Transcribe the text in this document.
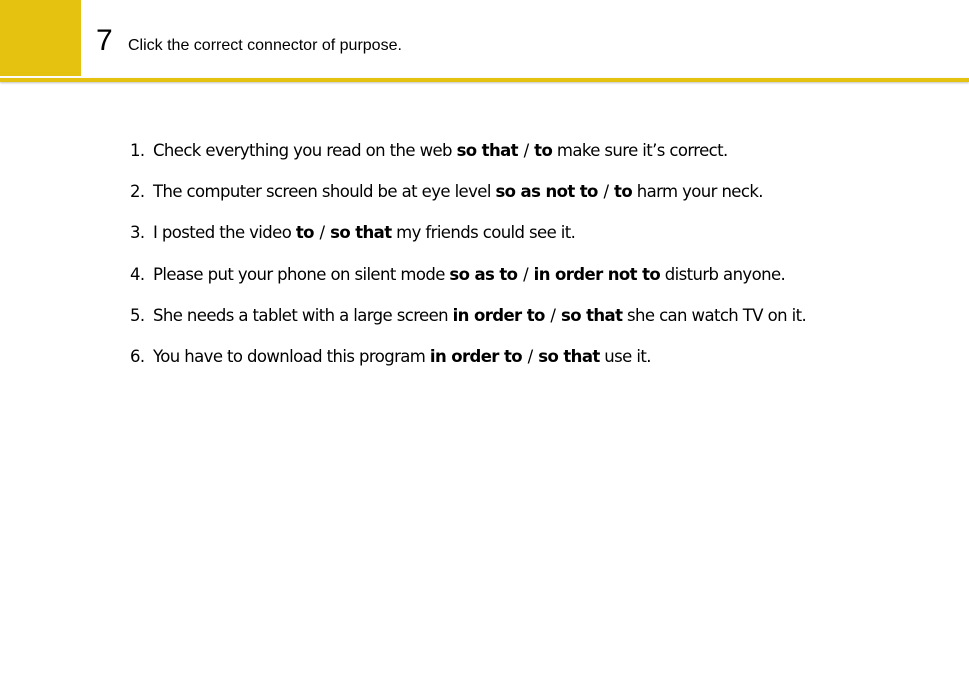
7 Click the correct connector of purpose.
1. Check everything you read on the web so that / to make sure it’s correct.
2. The computer screen should be at eye level so as not to / to harm your neck.
3. I posted the video to / so that my friends could see it.
4. Please put your phone on silent mode so as to / in order not to disturb anyone.
5. She needs a tablet with a large screen in order to / so that she can watch TV on it.
6. You have to download this program in order to / so that use it.
